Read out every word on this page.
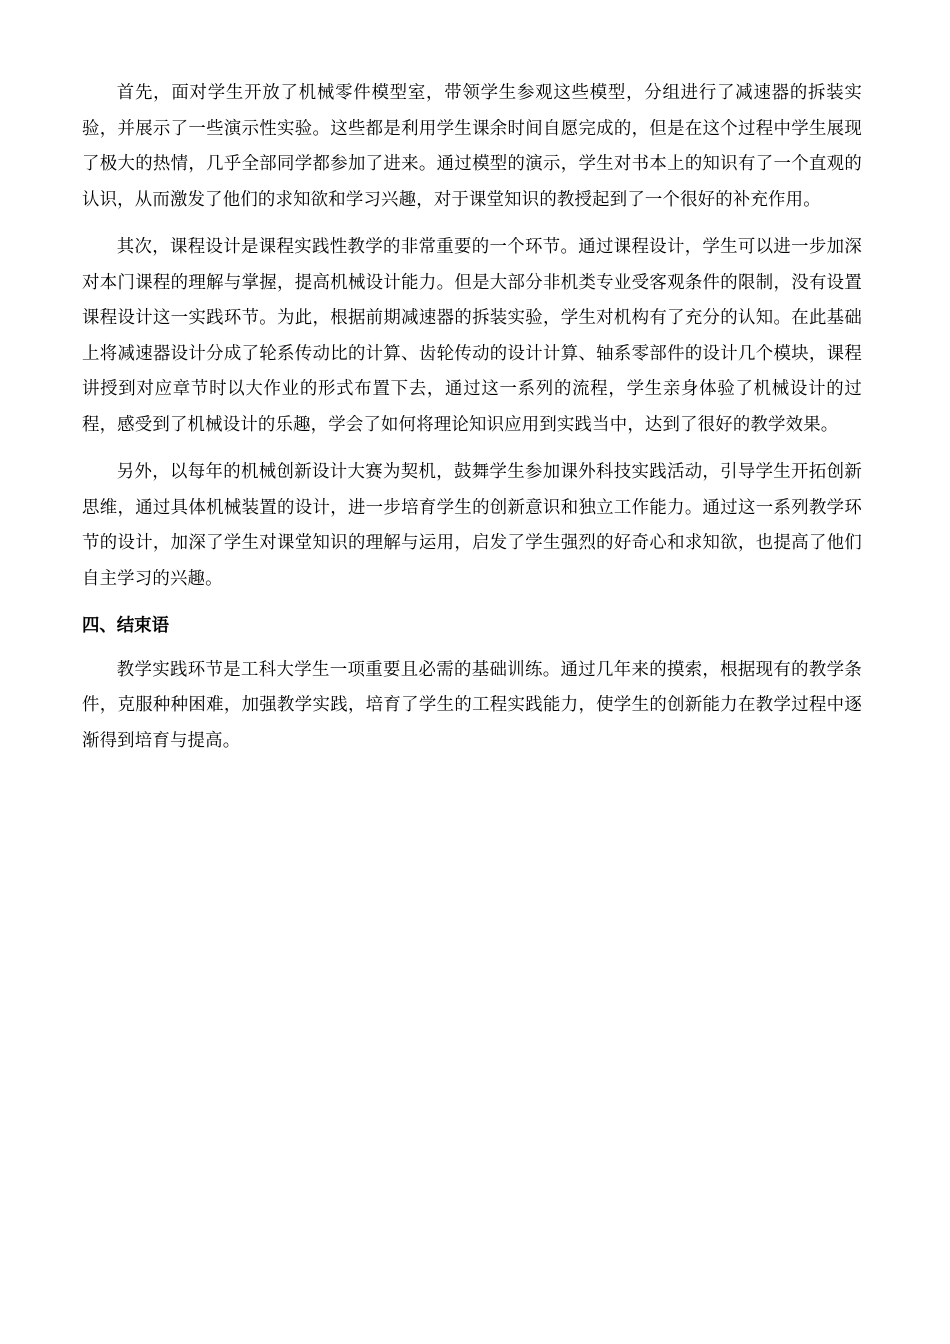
首先，面对学生开放了机械零件模型室，带领学生参观这些模型，分组进行了减速器的拆装实验，并展示了一些演示性实验。这些都是利用学生课余时间自愿完成的，但是在这个过程中学生展现了极大的热情，几乎全部同学都参加了进来。通过模型的演示，学生对书本上的知识有了一个直观的认识，从而激发了他们的求知欲和学习兴趣，对于课堂知识的教授起到了一个很好的补充作用。

其次，课程设计是课程实践性教学的非常重要的一个环节。通过课程设计，学生可以进一步加深对本门课程的理解与掌握，提高机械设计能力。但是大部分非机类专业受客观条件的限制，没有设置课程设计这一实践环节。为此，根据前期减速器的拆装实验，学生对机构有了充分的认知。在此基础上将减速器设计分成了轮系传动比的计算、齿轮传动的设计计算、轴系零部件的设计几个模块，课程讲授到对应章节时以大作业的形式布置下去，通过这一系列的流程，学生亲身体验了机械设计的过程，感受到了机械设计的乐趣，学会了如何将理论知识应用到实践当中，达到了很好的教学效果。

另外，以每年的机械创新设计大赛为契机，鼓舞学生参加课外科技实践活动，引导学生开拓创新思维，通过具体机械装置的设计，进一步培育学生的创新意识和独立工作能力。通过这一系列教学环节的设计，加深了学生对课堂知识的理解与运用，启发了学生强烈的好奇心和求知欲，也提高了他们自主学习的兴趣。

四、结束语

教学实践环节是工科大学生一项重要且必需的基础训练。通过几年来的摸索，根据现有的教学条件，克服种种困难，加强教学实践，培育了学生的工程实践能力，使学生的创新能力在教学过程中逐渐得到培育与提高。
